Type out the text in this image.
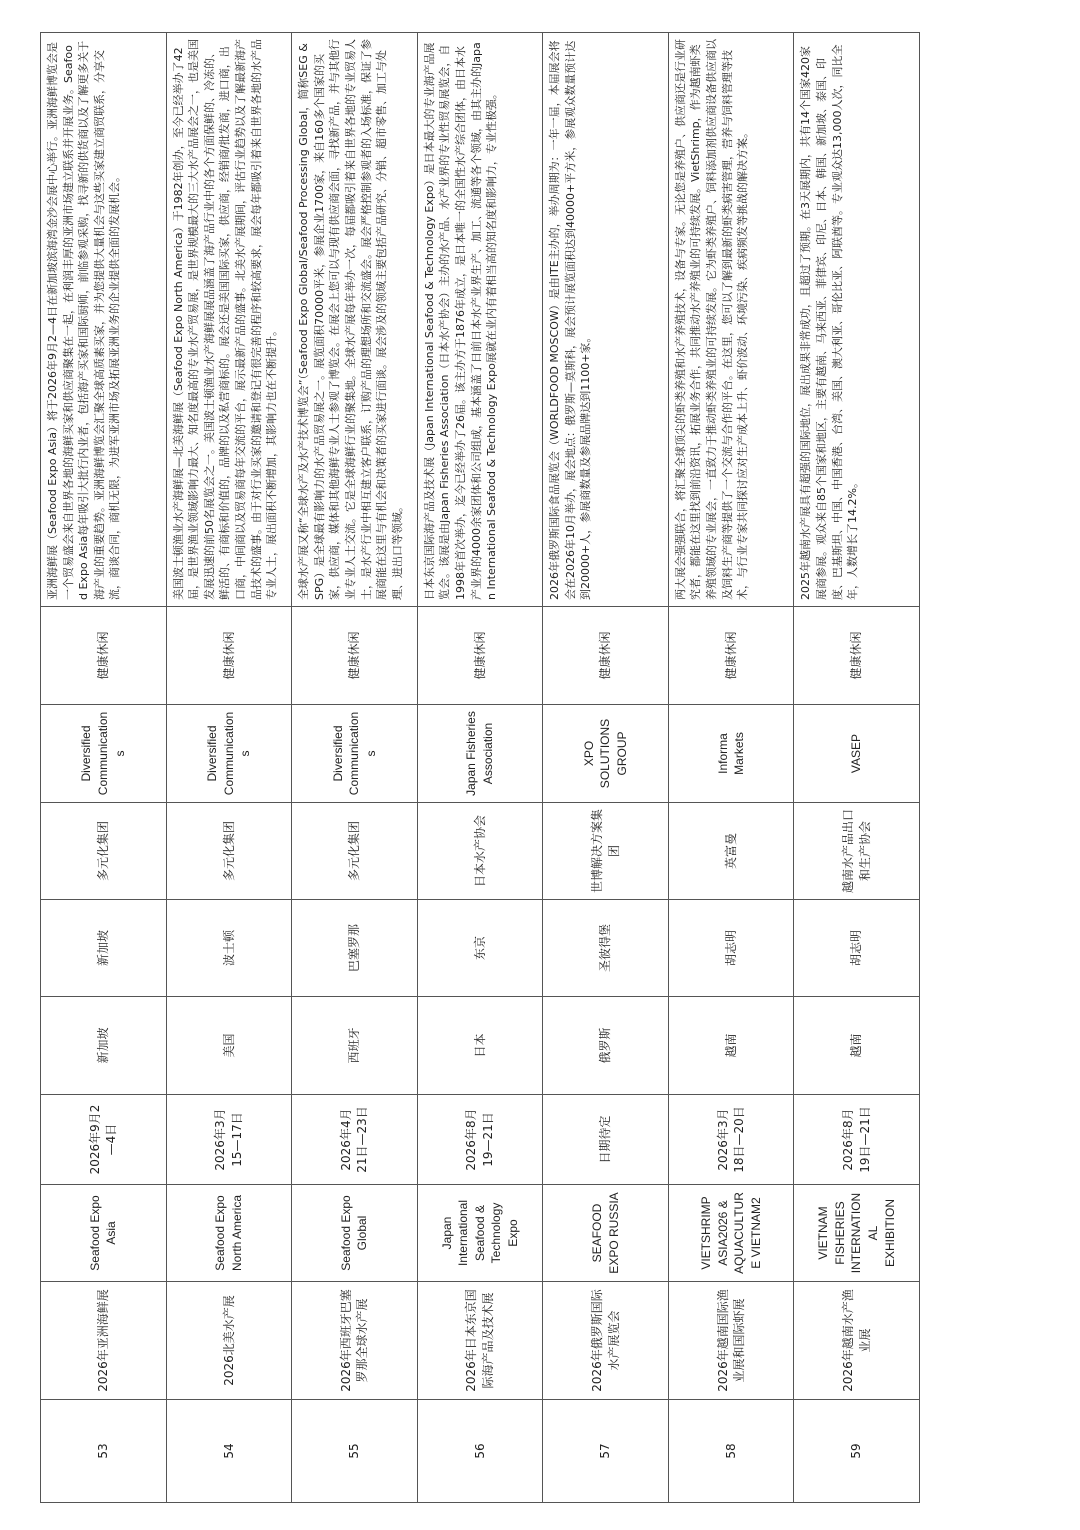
53	2026年亚洲海鲜展	Seafood Expo Asia	2026年9月2—4日	新加坡	新加坡	多元化集团	Diversified Communications	健康休闲	亚洲海鲜展（Seafood Expo Asia）将于2026年9月2—4日在新加坡滨海湾金沙会展中心举行。亚洲海鲜博览会是一个贸易盛会来自世界各地的海鲜买家和供应商聚集在一起，在利润丰厚的亚洲市场建立联系并开展业务。Seafood Expo Asia每年吸引大批行内业者，包括海产买家和国际厨师，前临参观采购，找寻新的供货商以及了解更多关于海产业的重要趋势。亚洲海鲜博览会汇聚全球高质素买家，并为您提供大量机会与这些买家建立商贸联系，分享交流，商谈合同，商机无限，为进军亚洲市场及拓展亚洲业务的企业提供全面的发展机会。
54	2026北美水产展	Seafood Expo North America	2026年3月15—17日	美国	波士顿	多元化集团	Diversified Communications	健康休闲	美国波士顿渔业水产海鲜展—北美海鲜展（Seafood Expo North America）于1982年创办，至今已经举办了42届，是世界渔业领域影响力最大、知名度最高的专业水产贸易展，是世界规模最大的三大水产品展会之一，也是美国发展迅速的前50名展览会之一。美国波士顿渔业水产海鲜展展品涵盖了海产品行业中的各个方面保鲜的、冷冻的、鲜活的、有商标和价值的，品牌的以及私营商标的。展会还是美国国际买家，供应商，经销商/批发商，进口商，出口商，中间商以及贸易商每年交流的平台，展示最新产品的盛事。北美水产展期间，评估行业趋势以及了解最新海产品技术的盛事。由于对行业买家的邀请和登记有很完善的程序和较高要求，展会每年都吸引着来自世界各地的水产品专业人士，展出面积不断增加，其影响力也在不断提升。
55	2026年西班牙巴塞罗那全球水产展	Seafood Expo Global	2026年4月21日—23日	西班牙	巴塞罗那	多元化集团	Diversified Communications	健康休闲	全球水产展又称“全球水产及水产技术博览会”（Seafood Expo Global/Seafood Processing Global，简称SEG & SPG）是全球最有影响力的水产品贸易展之一。展览面积70000平米，参展企业1700家，来自160多个国家的买家，供应商，媒体和其他海鲜专业人士参观了博览会。在展会上您可以与现有供应商会面，寻找新产品，并与其他行业专业人士交流。它是全球海鲜行业的聚集地。全球水产展每年举办一次，每届都吸引着来自世界各地的专业贸易人士，是水产行业中相互建立客户联系，订购产品的理想场所和交流盛会。展会严格控制参观者的入场标准，保证了参展商能在这里与有机会和决策者的买家进行面谈。展会涉及的领域主要包括产品研究、分销、超市零售、加工与处理、进出口等领域。
56	2026年日本东京国际海产品及技术展	Japan International Seafood & Technology Expo	2026年8月19—21日	日本	东京	日本水产协会	Japan Fisheries Association	健康休闲	日本东京国际海产品及技术展（Japan International Seafood & Technology Expo）是日本最大的专业海产品展览会。该展是由Japan Fisheries Association（日本水产协会）主办的水产品、水产业界的专业性贸易展览会，自1998年首次举办，迄今已经举办了26届。该主办方于1876年成立，是日本唯一的全国性水产综合团体，由日本水产业界的4000余家团体和公司组成，基本涵盖了日前日本水产业界生产、加工、流通等各个领域，由其主办的Japan International Seafood & Technology Expo展就在业内有着相当高的知名度和影响力，专业性极强。
57	2026年俄罗斯国际水产展览会	SEAFOOD EXPO RUSSIA	日期待定	俄罗斯	圣彼得堡	世博解决方案集团	XPO SOLUTIONS GROUP	健康休闲	2026年俄罗斯国际食品展览会（WORLDFOOD MOSCOW）是由ITE主办的，举办周期为：一年一届，本届展会将会在2026年10月举办，展会地点：俄罗斯—莫斯科，展会预计展览面积达到40000+平方米，参展观众数量预计达到20000+人，参展商数量及参展品牌达到1100+家。
58	2026年越南国际渔业展和国际虾展	VIETSHRIMP ASIA2026 & AQUACULTURE VIETNAM2	2026年3月18日—20日	越南	胡志明	英富曼	Informa Markets	健康休闲	两大展会强强联合，将汇聚全球顶尖的虾类养殖和水产养殖技术，设备与专家。无论您是养殖户、供应商还是行业研究者，都能在这里找到前沿资讯，拓展业务合作，共同推动水产养殖业的可持续发展。VietShrimp，作为越南虾类养殖领域的专业展会，一直致力于推动虾类养殖业的可持续发展。它为虾类养殖户、饲料添加剂供应商设备供应商以及饲料生产商等提供了一个交流与合作的平台。在这里，您可以了解到最新的虾类病害管理，营养与饲料管理等技术，与行业专家共同探讨应对生产成本上升、虾价波动、环境污染、疾病频发等挑战的解决方案。
59	2026年越南水产渔业展	VIETNAM FISHERIES INTERNATIONAL EXHIBITION	2026年8月19日—21日	越南	胡志明	越南水产品出口和生产协会	VASEP	健康休闲	2025年越南水产展具有超强的国际地位，展出成果非常成功，且超过了预期。在3天展期内，共有14个国家420家展商参展。观众来自85个国家和地区，主要有越南、马来西亚、菲律宾、印尼、日本、韩国、新加坡、泰国、印度、巴基斯坦、中国、中国香港、台湾、美国、澳大利亚、哥伦比亚、阿联酋等。专业观众达13,000人次，同比全年，人数增长了14.2%。
